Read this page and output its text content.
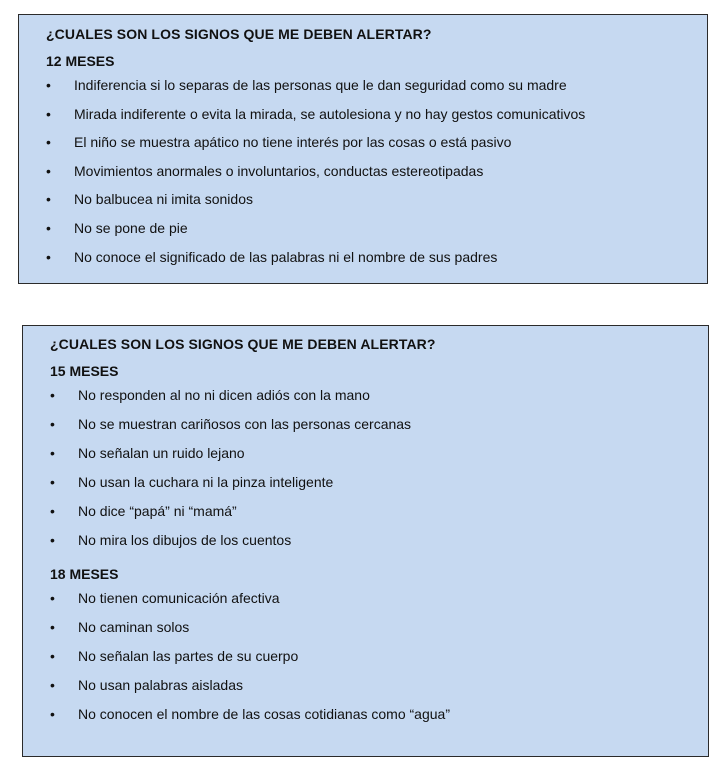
¿CUALES SON LOS SIGNOS QUE ME DEBEN ALERTAR?
12 MESES
•	Indiferencia si lo separas de las personas que le dan seguridad como su madre
•	Mirada indiferente o evita la mirada, se autolesiona y no hay gestos comunicativos
•	El niño se muestra apático no tiene interés por las cosas o está pasivo
•	Movimientos anormales o involuntarios, conductas estereotipadas
•	No balbucea ni imita sonidos
•	No se pone de pie
•	No conoce el significado de las palabras ni el nombre de sus padres
¿CUALES SON LOS SIGNOS QUE ME DEBEN ALERTAR?
15 MESES
•	No responden al no ni dicen adiós con la mano
•	No se muestran cariñosos con las personas cercanas
•	No señalan un ruido lejano
•	No usan la cuchara ni la pinza inteligente
•	No dice “papá” ni “mamá”
•	No mira los dibujos de los cuentos
18 MESES
•	No tienen comunicación afectiva
•	No caminan solos
•	No señalan las partes de su cuerpo
•	No usan palabras aisladas
•	No conocen el nombre de las cosas cotidianas como “agua”
